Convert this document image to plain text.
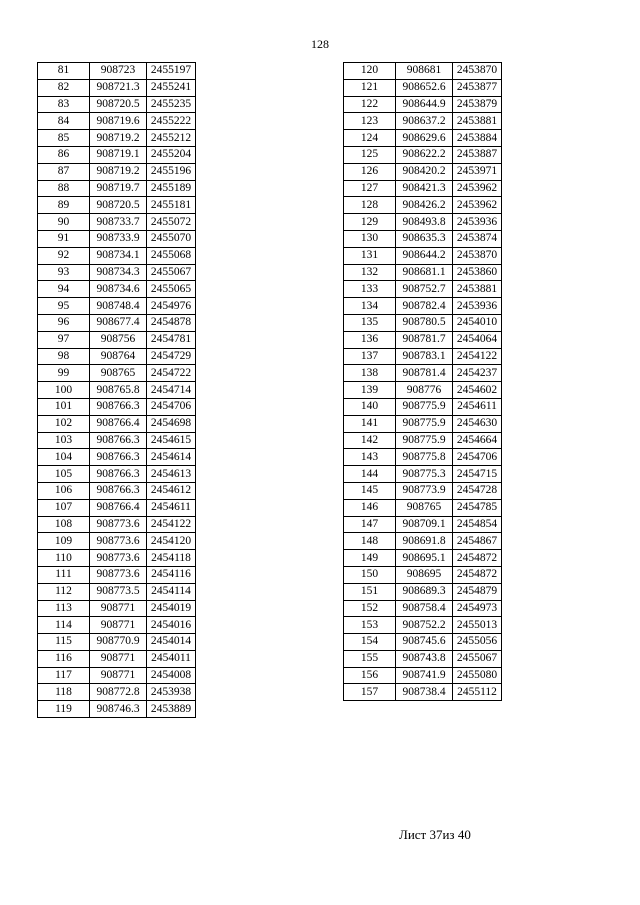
128
81	908723	2455197
82	908721.3	2455241
83	908720.5	2455235
84	908719.6	2455222
85	908719.2	2455212
86	908719.1	2455204
87	908719.2	2455196
88	908719.7	2455189
89	908720.5	2455181
90	908733.7	2455072
91	908733.9	2455070
92	908734.1	2455068
93	908734.3	2455067
94	908734.6	2455065
95	908748.4	2454976
96	908677.4	2454878
97	908756	2454781
98	908764	2454729
99	908765	2454722
100	908765.8	2454714
101	908766.3	2454706
102	908766.4	2454698
103	908766.3	2454615
104	908766.3	2454614
105	908766.3	2454613
106	908766.3	2454612
107	908766.4	2454611
108	908773.6	2454122
109	908773.6	2454120
110	908773.6	2454118
111	908773.6	2454116
112	908773.5	2454114
113	908771	2454019
114	908771	2454016
115	908770.9	2454014
116	908771	2454011
117	908771	2454008
118	908772.8	2453938
119	908746.3	2453889
120	908681	2453870
121	908652.6	2453877
122	908644.9	2453879
123	908637.2	2453881
124	908629.6	2453884
125	908622.2	2453887
126	908420.2	2453971
127	908421.3	2453962
128	908426.2	2453962
129	908493.8	2453936
130	908635.3	2453874
131	908644.2	2453870
132	908681.1	2453860
133	908752.7	2453881
134	908782.4	2453936
135	908780.5	2454010
136	908781.7	2454064
137	908783.1	2454122
138	908781.4	2454237
139	908776	2454602
140	908775.9	2454611
141	908775.9	2454630
142	908775.9	2454664
143	908775.8	2454706
144	908775.3	2454715
145	908773.9	2454728
146	908765	2454785
147	908709.1	2454854
148	908691.8	2454867
149	908695.1	2454872
150	908695	2454872
151	908689.3	2454879
152	908758.4	2454973
153	908752.2	2455013
154	908745.6	2455056
155	908743.8	2455067
156	908741.9	2455080
157	908738.4	2455112
Лист 37из 40
